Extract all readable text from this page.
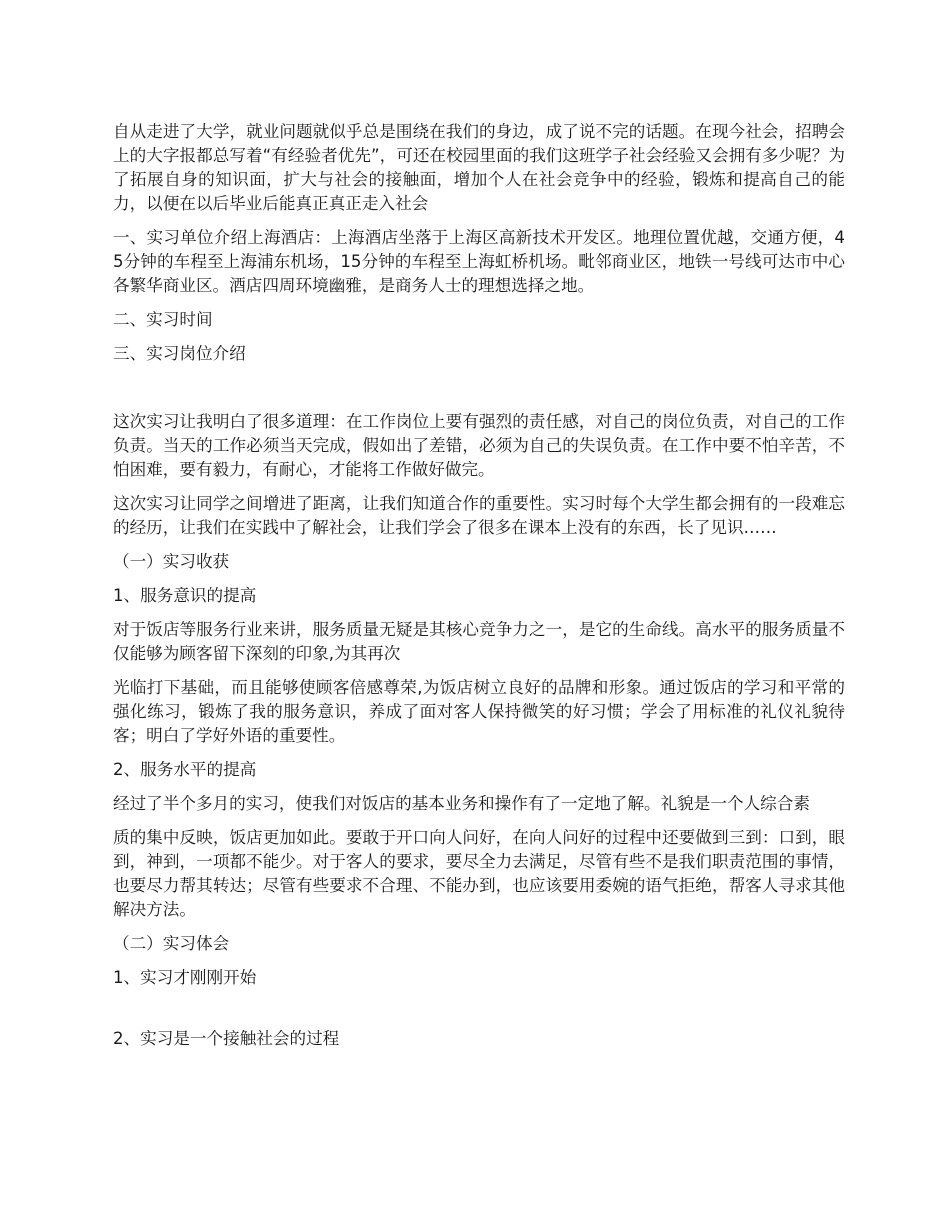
自从走进了大学，就业问题就似乎总是围绕在我们的身边，成了说不完的话题。在现今社会，招聘会上的大字报都总写着“有经验者优先”，可还在校园里面的我们这班学子社会经验又会拥有多少呢？为了拓展自身的知识面，扩大与社会的接触面，增加个人在社会竞争中的经验，锻炼和提高自己的能力，以便在以后毕业后能真正真正走入社会

一、实习单位介绍上海酒店：上海酒店坐落于上海区高新技术开发区。地理位置优越，交通方便，45分钟的车程至上海浦东机场，15分钟的车程至上海虹桥机场。毗邻商业区，地铁一号线可达市中心各繁华商业区。酒店四周环境幽雅，是商务人士的理想选择之地。

二、实习时间

三、实习岗位介绍

这次实习让我明白了很多道理：在工作岗位上要有强烈的责任感，对自己的岗位负责，对自己的工作负责。当天的工作必须当天完成，假如出了差错，必须为自己的失误负责。在工作中要不怕辛苦，不怕困难，要有毅力，有耐心，才能将工作做好做完。

这次实习让同学之间增进了距离，让我们知道合作的重要性。实习时每个大学生都会拥有的一段难忘的经历，让我们在实践中了解社会，让我们学会了很多在课本上没有的东西，长了见识……

（一）实习收获

1、服务意识的提高

对于饭店等服务行业来讲，服务质量无疑是其核心竞争力之一，是它的生命线。高水平的服务质量不仅能够为顾客留下深刻的印象,为其再次

光临打下基础，而且能够使顾客倍感尊荣,为饭店树立良好的品牌和形象。通过饭店的学习和平常的强化练习，锻炼了我的服务意识，养成了面对客人保持微笑的好习惯；学会了用标准的礼仪礼貌待客；明白了学好外语的重要性。

2、服务水平的提高

经过了半个多月的实习，使我们对饭店的基本业务和操作有了一定地了解。礼貌是一个人综合素

质的集中反映，饭店更加如此。要敢于开口向人问好，在向人问好的过程中还要做到三到：口到，眼到，神到，一项都不能少。对于客人的要求，要尽全力去满足，尽管有些不是我们职责范围的事情，也要尽力帮其转达；尽管有些要求不合理、不能办到，也应该要用委婉的语气拒绝，帮客人寻求其他解决方法。

（二）实习体会

1、实习才刚刚开始

2、实习是一个接触社会的过程
